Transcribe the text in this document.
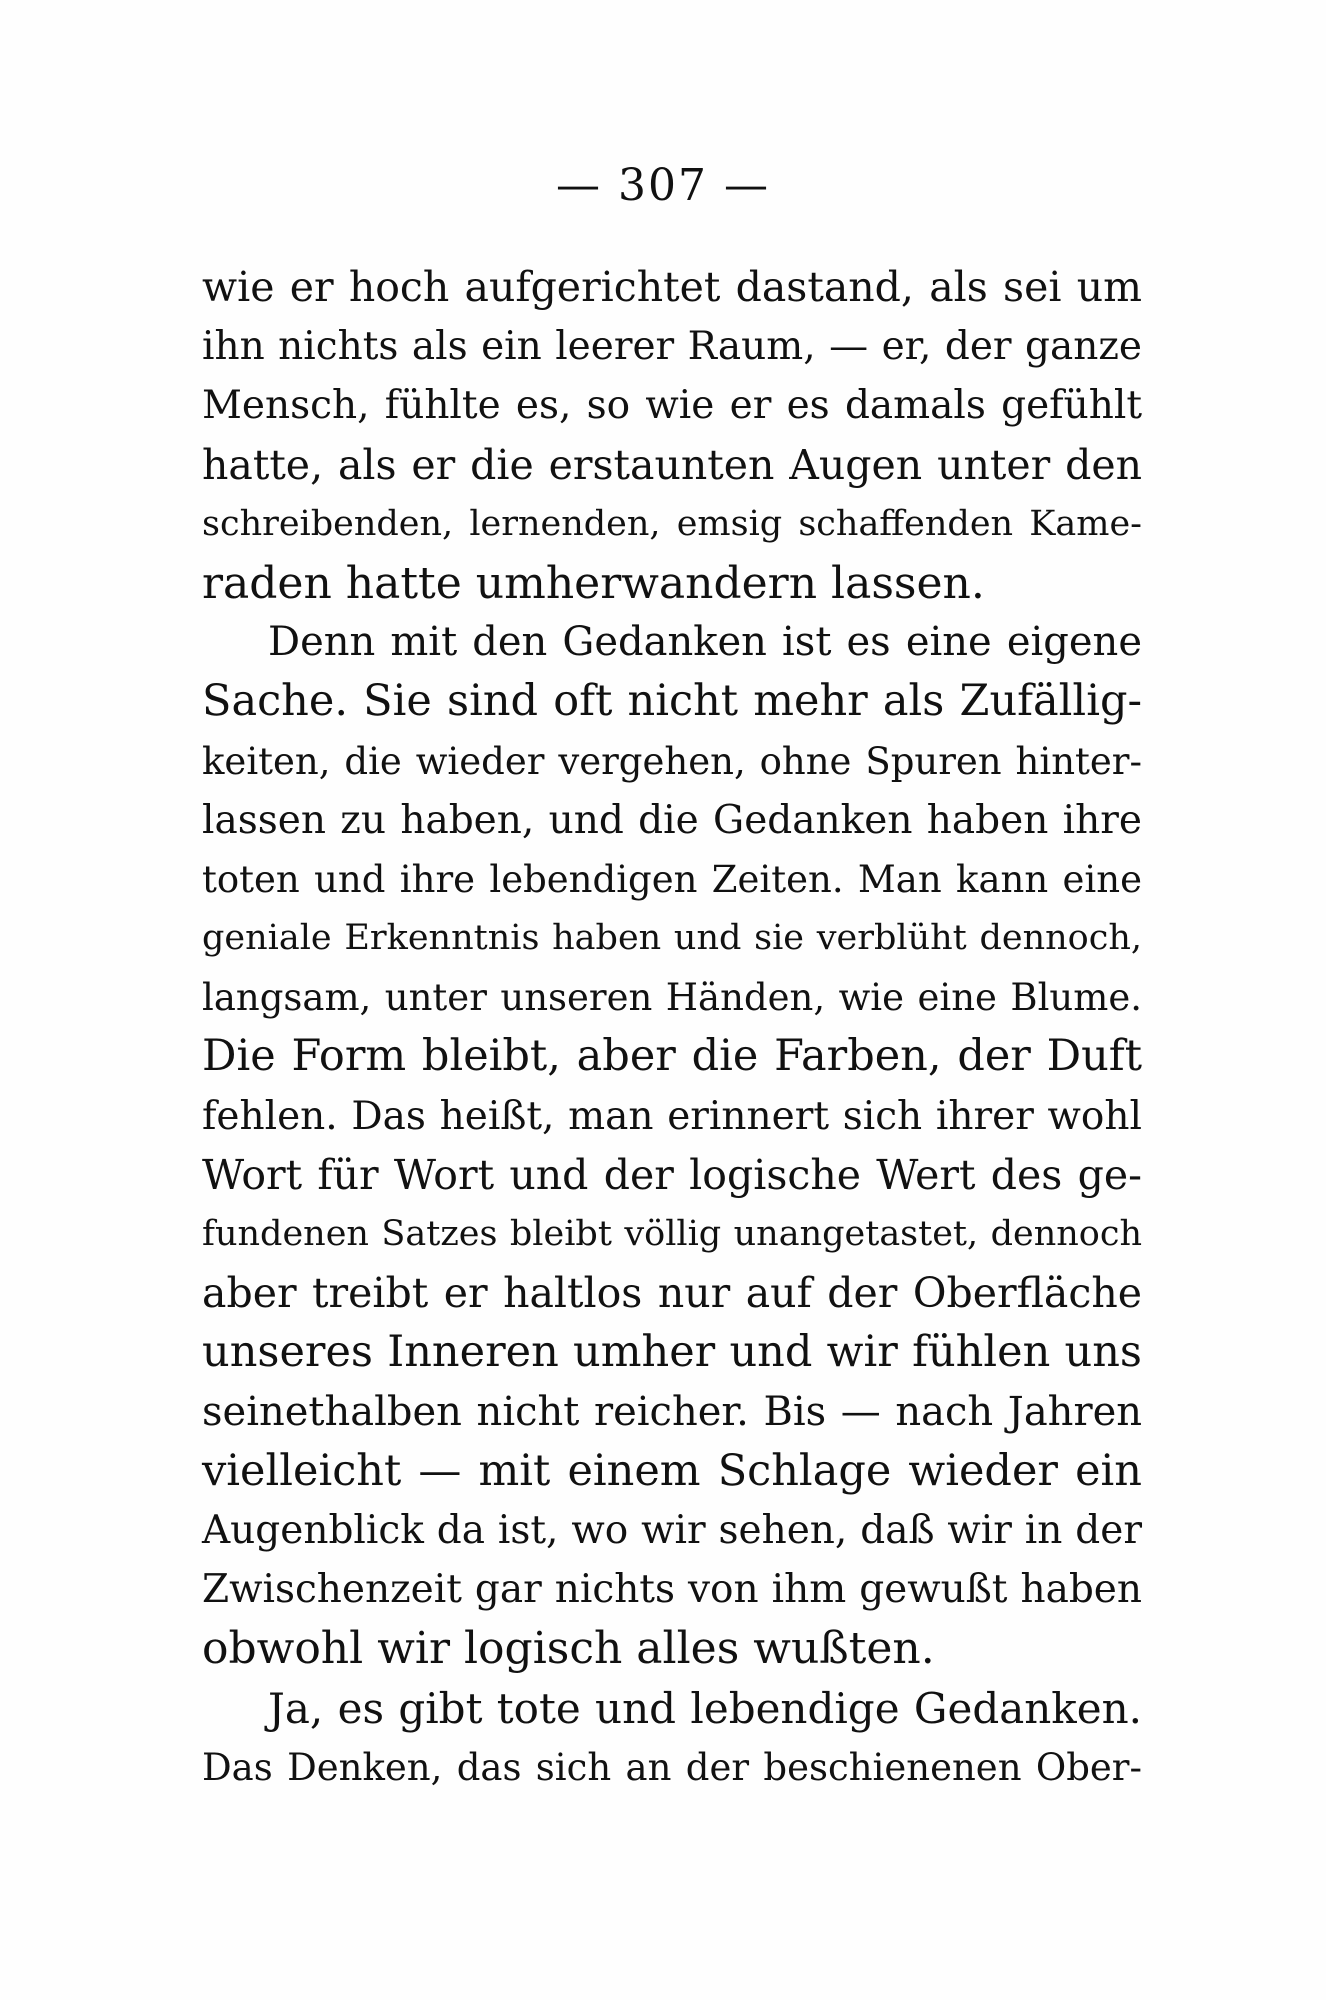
— 307 —
wie er hoch aufgerichtet dastand, als sei um
ihn nichts als ein leerer Raum, — er, der ganze
Mensch, fühlte es, so wie er es damals gefühlt
hatte, als er die erstaunten Augen unter den
schreibenden, lernenden, emsig schaffenden Kame-
raden hatte umherwandern lassen.
Denn mit den Gedanken ist es eine eigene
Sache. Sie sind oft nicht mehr als Zufällig-
keiten, die wieder vergehen, ohne Spuren hinter-
lassen zu haben, und die Gedanken haben ihre
toten und ihre lebendigen Zeiten. Man kann eine
geniale Erkenntnis haben und sie verblüht dennoch,
langsam, unter unseren Händen, wie eine Blume.
Die Form bleibt, aber die Farben, der Duft
fehlen. Das heißt, man erinnert sich ihrer wohl
Wort für Wort und der logische Wert des ge-
fundenen Satzes bleibt völlig unangetastet, dennoch
aber treibt er haltlos nur auf der Oberfläche
unseres Inneren umher und wir fühlen uns
seinethalben nicht reicher. Bis — nach Jahren
vielleicht — mit einem Schlage wieder ein
Augenblick da ist, wo wir sehen, daß wir in der
Zwischenzeit gar nichts von ihm gewußt haben
obwohl wir logisch alles wußten.
Ja, es gibt tote und lebendige Gedanken.
Das Denken, das sich an der beschienenen Ober-
